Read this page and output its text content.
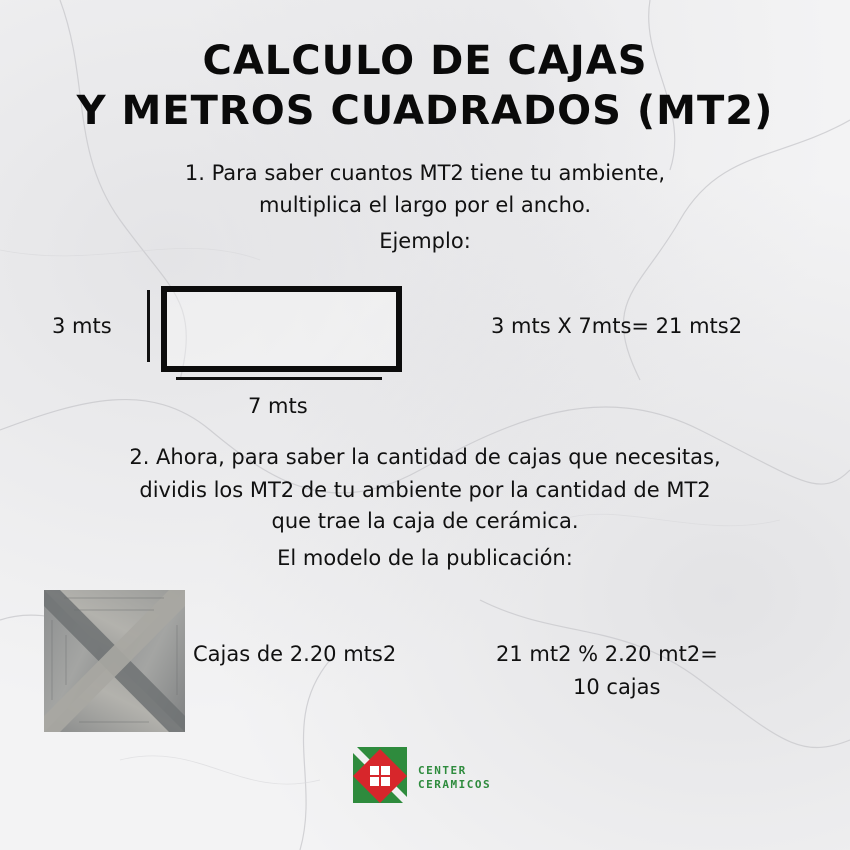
CALCULO DE CAJAS
Y METROS CUADRADOS (MT2)
1. Para saber cuantos MT2 tiene tu ambiente,
multiplica el largo por el ancho.
Ejemplo:
3 mts
7 mts
3 mts X 7mts= 21 mts2
2. Ahora, para saber la cantidad de cajas que necesitas,
dividis los MT2 de tu ambiente por la cantidad de MT2
que trae la caja de cerámica.
El modelo de la publicación:
Cajas de 2.20 mts2	21 mt2 % 2.20 mt2=
10 cajas
CENTER
CERAMICOS
